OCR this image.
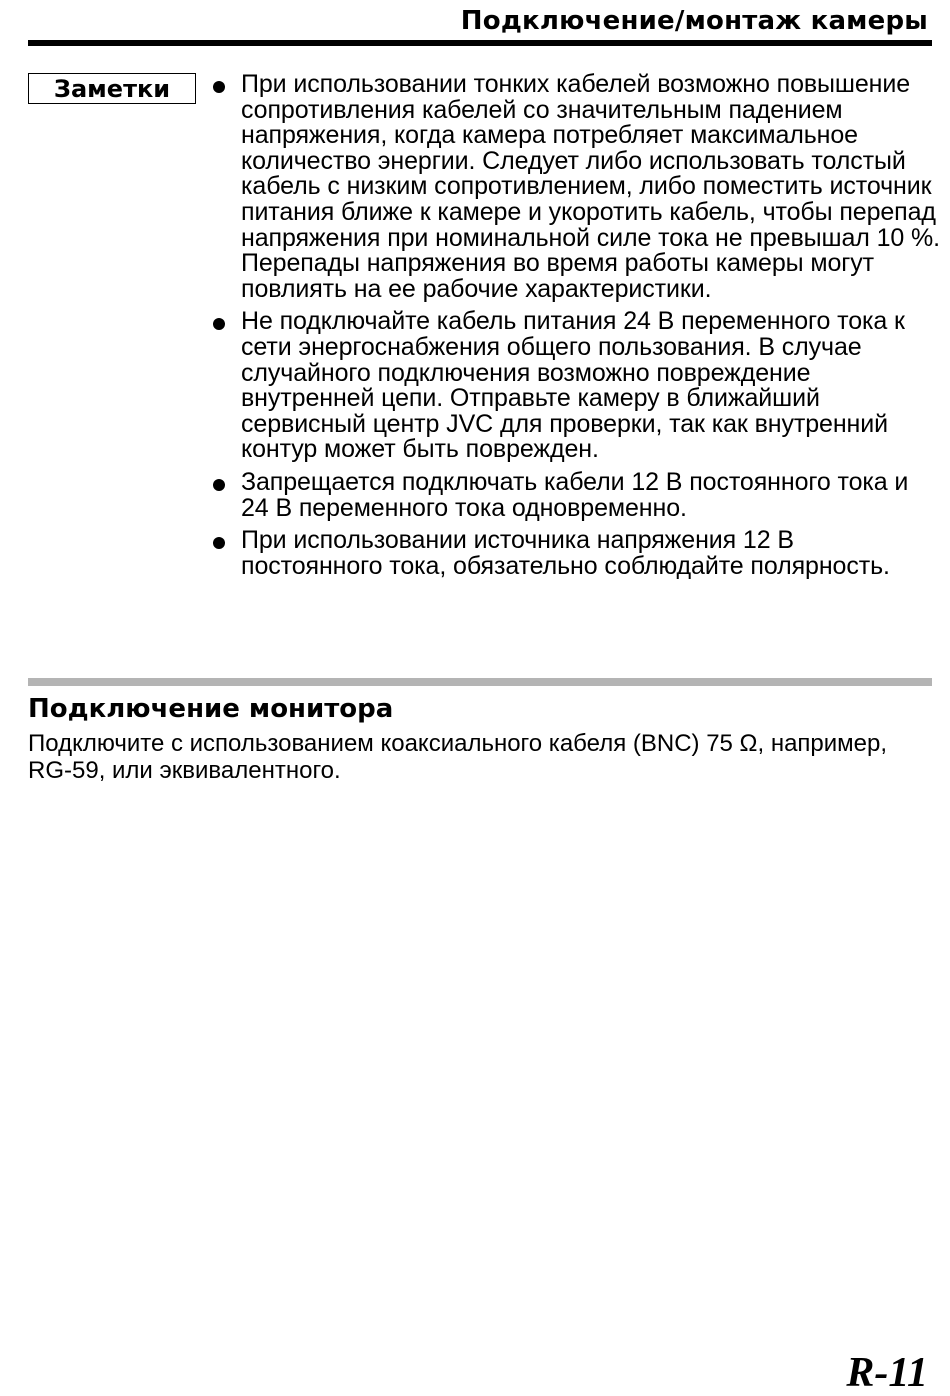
Подключение/монтаж камеры
Заметки	При использовании тонких кабелей возможно повышение сопротивления кабелей со значительным падением напряжения, когда камера потребляет максимальное количество энергии. Следует либо использовать толстый кабель с низким сопротивлением, либо поместить источник питания ближе к камере и укоротить кабель, чтобы перепад напряжения при номинальной силе тока не превышал 10 %. Перепады напряжения во время работы камеры могут повлиять на ее рабочие характеристики.
Не подключайте кабель питания 24 В переменного тока к сети энергоснабжения общего пользования. В случае случайного подключения возможно повреждение внутренней цепи. Отправьте камеру в ближайший сервисный центр JVC для проверки, так как внутренний контур может быть поврежден.
Запрещается подключать кабели 12 В постоянного тока и 24 В переменного тока одновременно.
При использовании источника напряжения 12 В постоянного тока, обязательно соблюдайте полярность.
Подключение монитора
Подключите с использованием коаксиального кабеля (BNC) 75 Ω, например, RG-59, или эквивалентного.
R-11
